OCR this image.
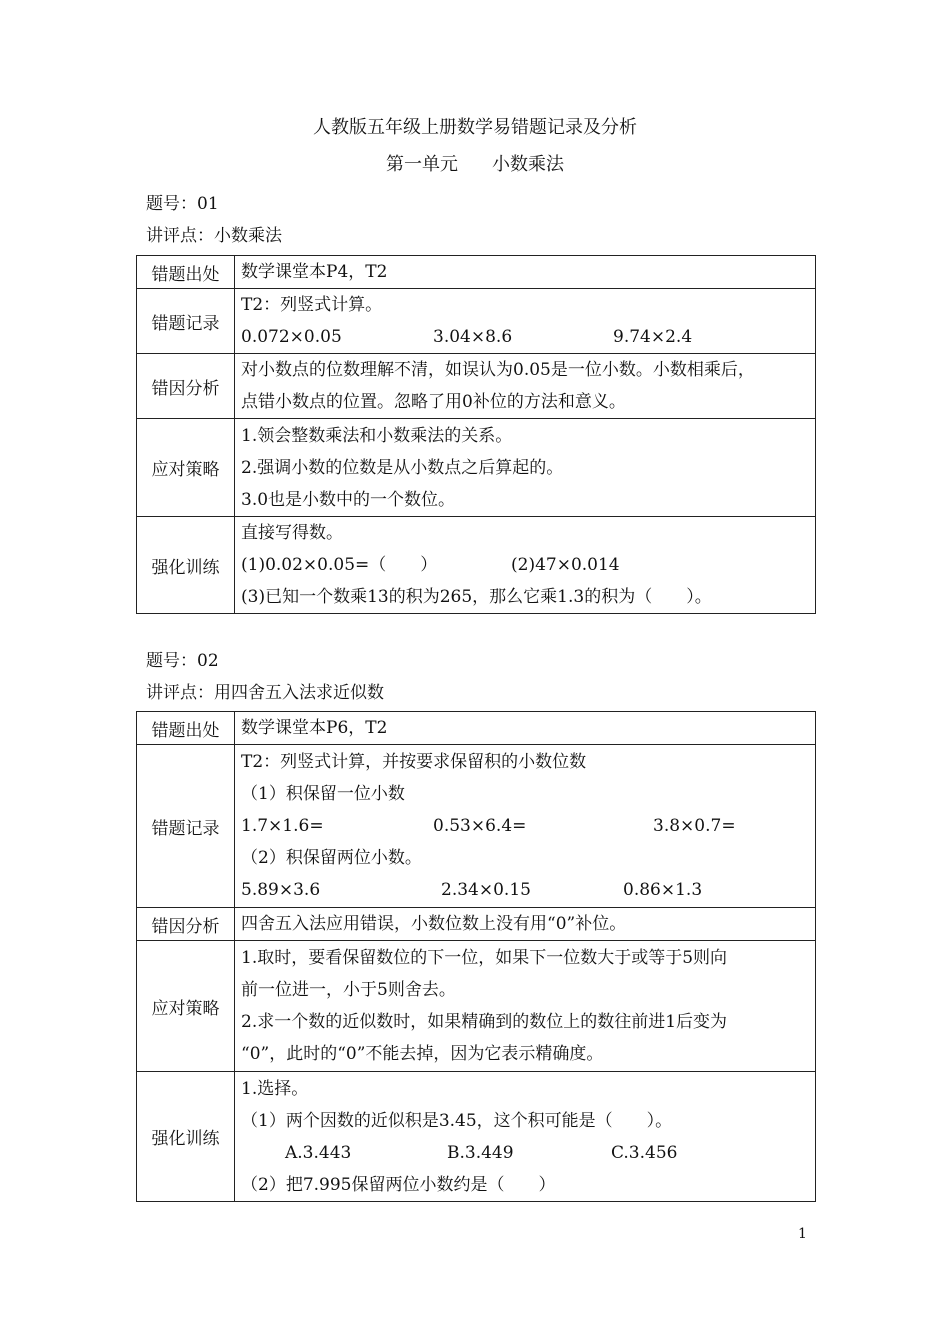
人教版五年级上册数学易错题记录及分析
第一单元 小数乘法
题号：01
讲评点：小数乘法
错题出处	数学课堂本P4，T2

错题记录	T2：列竖式计算。
0.072×0.05 3.04×8.6 9.74×2.4

错因分析	对小数点的位数理解不清，如误认为0.05是一位小数。小数相乘后，
点错小数点的位置。忽略了用0补位的方法和意义。

应对策略	1.领会整数乘法和小数乘法的关系。
2.强调小数的位数是从小数点之后算起的。
3.0也是小数中的一个数位。

强化训练	直接写得数。
(1)0.02×0.05=（　　） (2)47×0.014
(3)已知一个数乘13的积为265，那么它乘1.3的积为（　　）。
题号：02
讲评点：用四舍五入法求近似数
错题出处	数学课堂本P6，T2

错题记录	T2：列竖式计算，并按要求保留积的小数位数
（1）积保留一位小数
1.7×1.6= 0.53×6.4= 3.8×0.7=
（2）积保留两位小数。
5.89×3.6 2.34×0.15 0.86×1.3

错因分析	四舍五入法应用错误，小数位数上没有用“0”补位。

应对策略	1.取时，要看保留数位的下一位，如果下一位数大于或等于5则向
前一位进一，小于5则舍去。
2.求一个数的近似数时，如果精确到的数位上的数往前进1后变为
“0”，此时的“0”不能去掉，因为它表示精确度。

强化训练	1.选择。
（1）两个因数的近似积是3.45，这个积可能是（　　）。
A.3.443 B.3.449 C.3.456
（2）把7.995保留两位小数约是（　　）
1
